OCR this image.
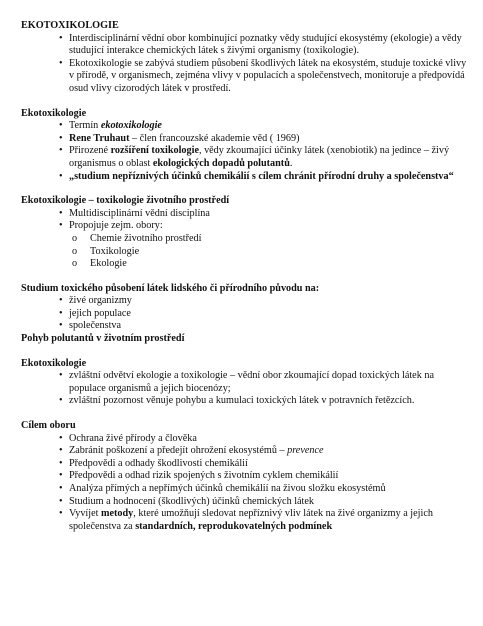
EKOTOXIKOLOGIE
• Interdisciplinární vědní obor kombinující poznatky vědy studující ekosystémy (ekologie) a vědy studující interakce chemických látek s živými organismy (toxikologie).
• Ekotoxikologie se zabývá studiem působení škodlivých látek na ekosystém, studuje toxické vlivy v přírodě, v organismech, zejména vlivy v populacích a společenstvech, monitoruje a předpovídá osud vlivy cizorodých látek v prostředí.
Ekotoxikologie
• Termín ekotoxikologie
• Rene Truhaut – člen francouzské akademie věd ( 1969)
• Přirozené rozšíření toxikologie, vědy zkoumající účinky látek (xenobiotik) na jedince – živý organismus o oblast ekologických dopadů polutantů.
• „studium nepříznivých účinků chemikálií s cílem chránit přírodní druhy a společenstva“
Ekotoxikologie – toxikologie životního prostředí
• Multidisciplinární vědní disciplína
• Propojuje zejm. obory:
o Chemie životního prostředí
o Toxikologie
o Ekologie
Studium toxického působení látek lidského či přírodního původu na:
• živé organizmy
• jejich populace
• společenstva
Pohyb polutantů v životním prostředí
Ekotoxikologie
• zvláštní odvětví ekologie a toxikologie – vědní obor zkoumající dopad toxických látek na populace organismů a jejich biocenózy;
• zvláštní pozornost věnuje pohybu a kumulaci toxických látek v potravních řetězcích.
Cílem oboru
• Ochrana živé přírody a člověka
• Zabránit poškození a předejít ohrožení ekosystémů – prevence
• Předpovědi a odhady škodlivosti chemikálií
• Předpovědi a odhad rizik spojených s životním cyklem chemikálií
• Analýza přímých a nepřímých účinků chemikálií na živou složku ekosystémů
• Studium a hodnocení (škodlivých) účinků chemických látek
• Vyvíjet metody, které umožňují sledovat nepříznivý vliv látek na živé organizmy a jejich společenstva za standardních, reprodukovatelných podmínek
